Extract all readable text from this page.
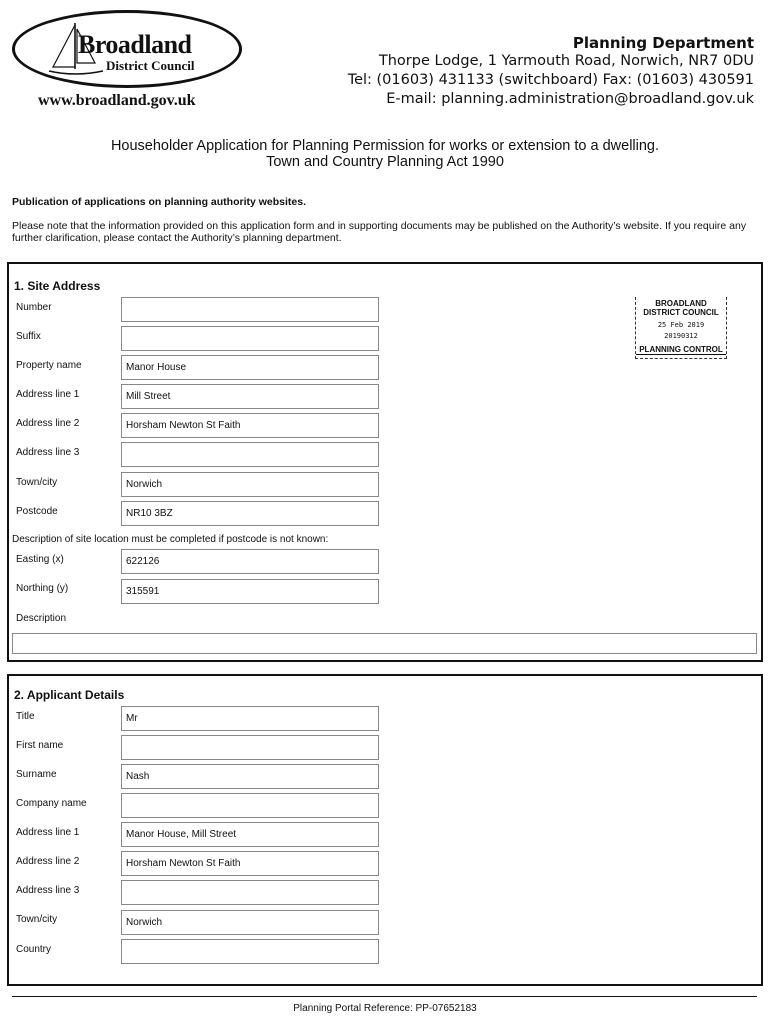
Broadland
District Council
www.broadland.gov.uk
Planning Department
Thorpe Lodge, 1 Yarmouth Road, Norwich, NR7 0DU
Tel: (01603) 431133 (switchboard) Fax: (01603) 430591
E-mail: planning.administration@broadland.gov.uk
Householder Application for Planning Permission for works or extension to a dwelling.
Town and Country Planning Act 1990
Publication of applications on planning authority websites.
Please note that the information provided on this application form and in supporting documents may be published on the Authority’s website. If you require any further clarification, please contact the Authority’s planning department.
1. Site Address
BROADLAND
DISTRICT COUNCIL
25 Feb 2019
20190312
PLANNING CONTROL
Number
Suffix
Property name	Manor House
Address line 1	Mill Street
Address line 2	Horsham Newton St Faith
Address line 3
Town/city	Norwich
Postcode	NR10 3BZ
Description of site location must be completed if postcode is not known:
Easting (x)	622126
Northing (y)	315591
Description
2. Applicant Details
Title	Mr
First name
Surname	Nash
Company name
Address line 1	Manor House, Mill Street
Address line 2	Horsham Newton St Faith
Address line 3
Town/city	Norwich
Country
Planning Portal Reference: PP-07652183
